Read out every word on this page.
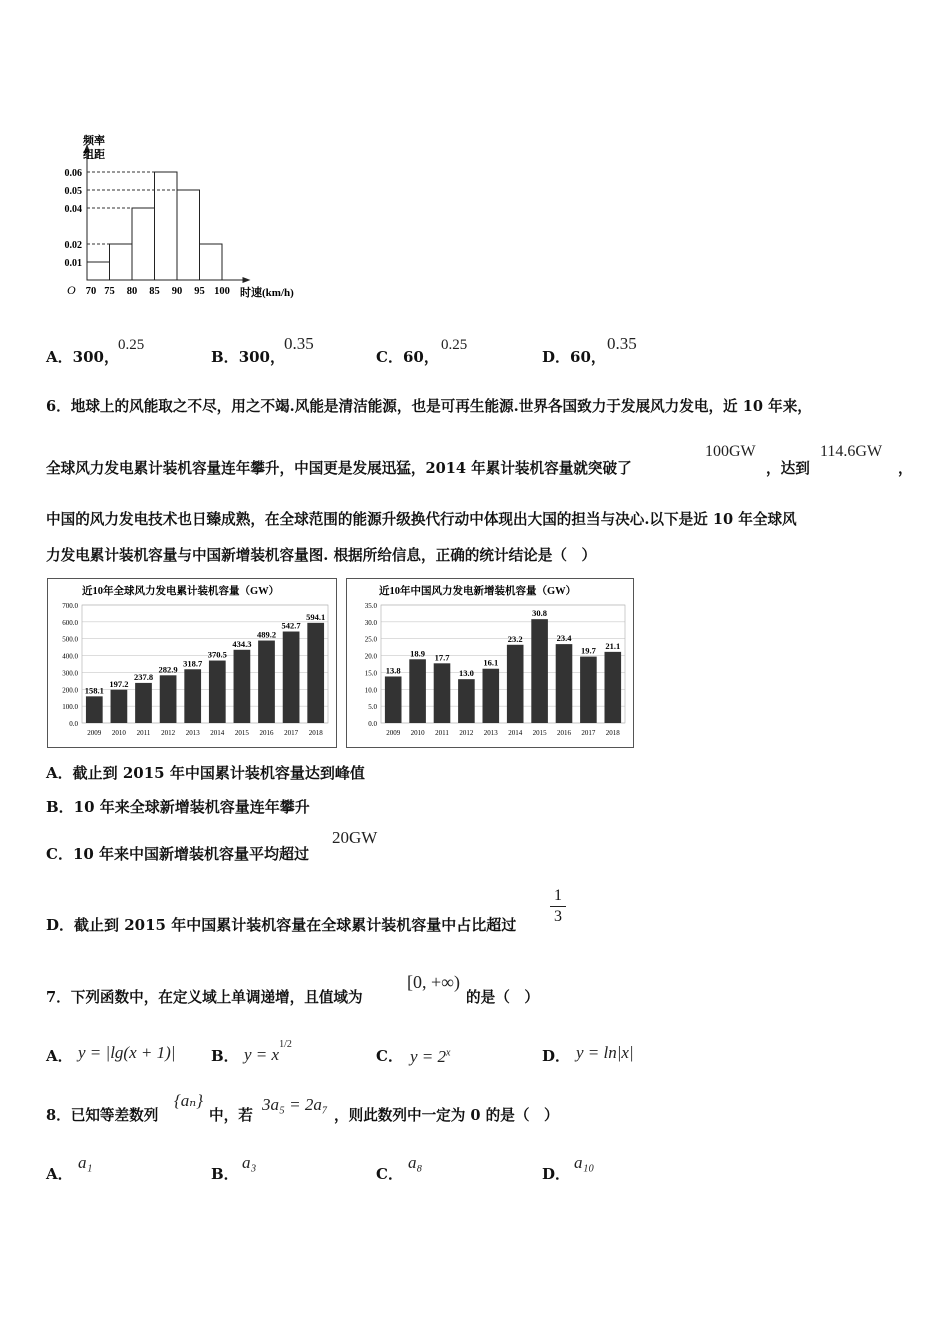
0.06
0.05
0.04
0.02
0.01
70 75 80 85 90 95 100
频率
组距
O	时速(km/h)
A．300，
0.25
B．300，
0.35
C．60，
0.25
D．60，
0.35
6．地球上的风能取之不尽，用之不竭.风能是清洁能源，也是可再生能源.世界各国致力于发展风力发电，近 10 年来，
全球风力发电累计装机容量连年攀升，中国更是发展迅猛，2014 年累计装机容量就突破了
100GW
，达到
114.6GW
，
中国的风力发电技术也日臻成熟，在全球范围的能源升级换代行动中体现出大国的担当与决心.以下是近 10 年全球风
力发电累计装机容量与中国新增装机容量图. 根据所给信息，正确的统计结论是（　）
近10年全球风力发电累计装机容量（GW）
700.0
600.0
500.0
400.0
300.0
200.0
100.0
0.0
158.1
2009
197.2
2010
237.8
2011
282.9
2012
318.7
2013
370.5
2014
434.3
2015
489.2
2016
542.7
2017
594.1
2018
近10年中国风力发电新增装机容量（GW）
35.0
30.0
25.0
20.0
15.0
10.0
5.0
0.0
13.8
2009
18.9
2010
17.7
2011
13.0
2012
16.1
2013
23.2
2014
30.8
2015
23.4
2016
19.7
2017
21.1
2018
A．截止到 2015 年中国累计装机容量达到峰值
B．10 年来全球新增装机容量连年攀升
C．10 年来中国新增装机容量平均超过
20GW
D．截止到 2015 年中国累计装机容量在全球累计装机容量中占比超过
1
3
7．下列函数中，在定义域上单调递增，且值域为
[0, +∞)
的是（　）
A． y = |lg(x + 1)| B． $y = x^{1/2}$
C． $y = 2^x$	D． y = ln|x|
8．已知等差数列
{aₙ}
中，若
3a₅ = 2a₇
，则此数列中一定为 0 的是（　）
A．
a₁
B．
a₃
C．
a₈
D．
a₁₀
